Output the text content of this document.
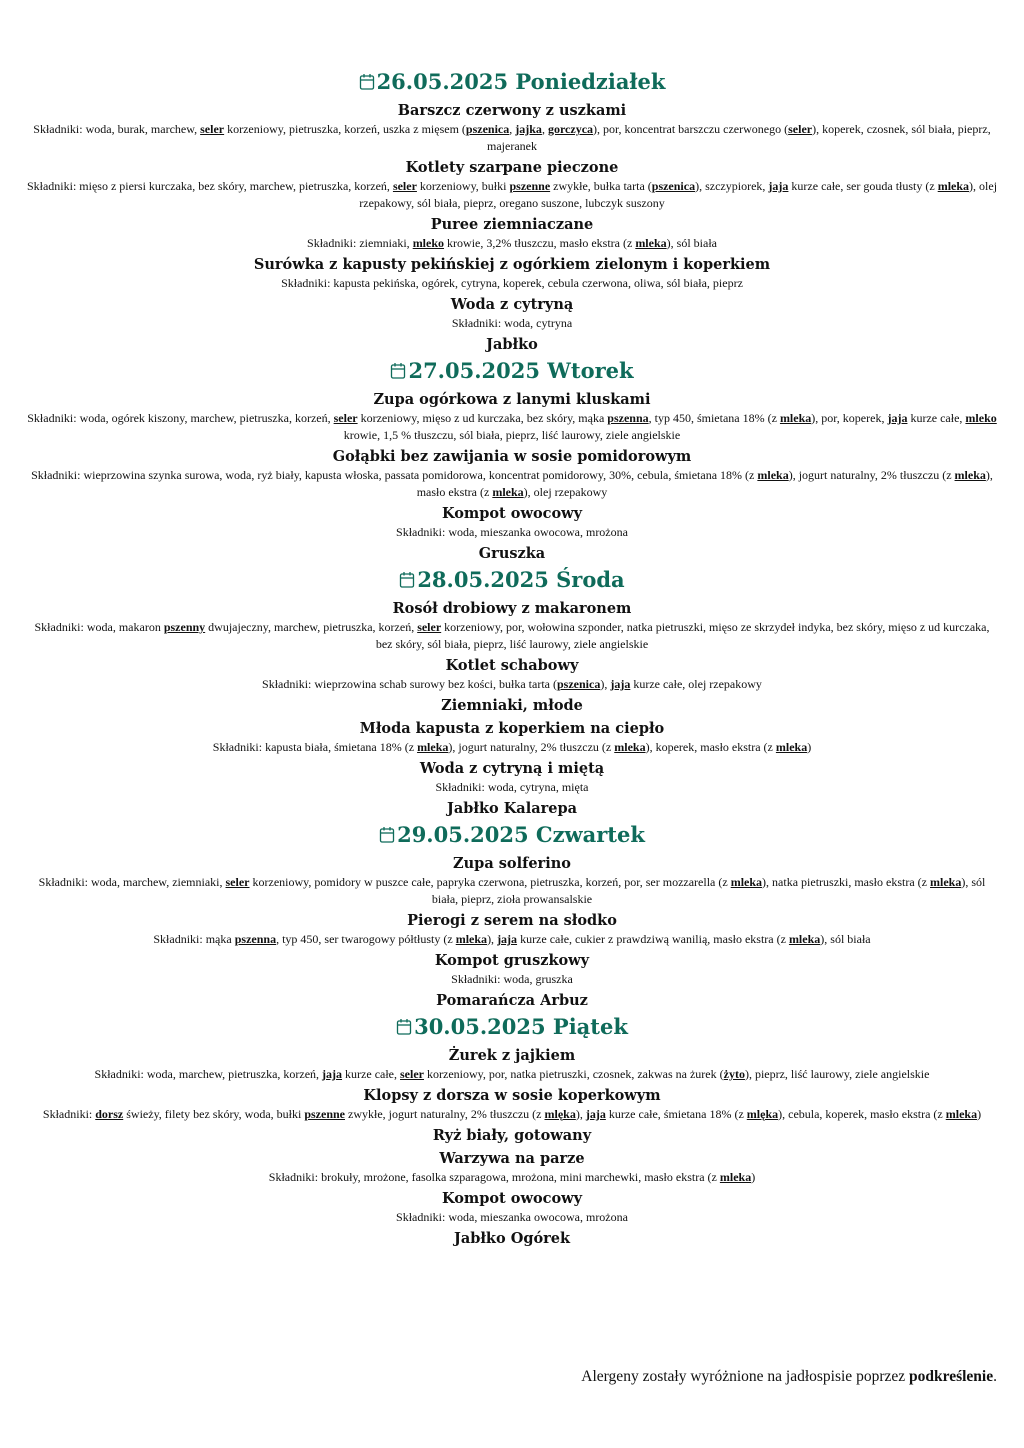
26.05.2025 Poniedziałek
Barszcz czerwony z uszkami
Składniki: woda, burak, marchew, seler korzeniowy, pietruszka, korzeń, uszka z mięsem (pszenica, jajka, gorczyca), por, koncentrat barszczu czerwonego (seler), koperek, czosnek, sól biała, pieprz, majeranek
Kotlety szarpane pieczone
Składniki: mięso z piersi kurczaka, bez skóry, marchew, pietruszka, korzeń, seler korzeniowy, bułki pszenne zwykłe, bułka tarta (pszenica), szczypiorek, jaja kurze całe, ser gouda tłusty (z mleka), olej rzepakowy, sól biała, pieprz, oregano suszone, lubczyk suszony
Puree ziemniaczane
Składniki: ziemniaki, mleko krowie, 3,2% tłuszczu, masło ekstra (z mleka), sól biała
Surówka z kapusty pekińskiej z ogórkiem zielonym i koperkiem
Składniki: kapusta pekińska, ogórek, cytryna, koperek, cebula czerwona, oliwa, sól biała, pieprz
Woda z cytryną
Składniki: woda, cytryna
Jabłko
27.05.2025 Wtorek
Zupa ogórkowa z lanymi kluskami
Składniki: woda, ogórek kiszony, marchew, pietruszka, korzeń, seler korzeniowy, mięso z ud kurczaka, bez skóry, mąka pszenna, typ 450, śmietana 18% (z mleka), por, koperek, jaja kurze całe, mleko krowie, 1,5 % tłuszczu, sól biała, pieprz, liść laurowy, ziele angielskie
Gołąbki bez zawijania w sosie pomidorowym
Składniki: wieprzowina szynka surowa, woda, ryż biały, kapusta włoska, passata pomidorowa, koncentrat pomidorowy, 30%, cebula, śmietana 18% (z mleka), jogurt naturalny, 2% tłuszczu (z mleka), masło ekstra (z mleka), olej rzepakowy
Kompot owocowy
Składniki: woda, mieszanka owocowa, mrożona
Gruszka
28.05.2025 Środa
Rosół drobiowy z makaronem
Składniki: woda, makaron pszenny dwujajeczny, marchew, pietruszka, korzeń, seler korzeniowy, por, wołowina szponder, natka pietruszki, mięso ze skrzydeł indyka, bez skóry, mięso z ud kurczaka, bez skóry, sól biała, pieprz, liść laurowy, ziele angielskie
Kotlet schabowy
Składniki: wieprzowina schab surowy bez kości, bułka tarta (pszenica), jaja kurze całe, olej rzepakowy
Ziemniaki, młode
Młoda kapusta z koperkiem na ciepło
Składniki: kapusta biała, śmietana 18% (z mleka), jogurt naturalny, 2% tłuszczu (z mleka), koperek, masło ekstra (z mleka)
Woda z cytryną i miętą
Składniki: woda, cytryna, mięta
Jabłko Kalarepa
29.05.2025 Czwartek
Zupa solferino
Składniki: woda, marchew, ziemniaki, seler korzeniowy, pomidory w puszce całe, papryka czerwona, pietruszka, korzeń, por, ser mozzarella (z mleka), natka pietruszki, masło ekstra (z mleka), sól biała, pieprz, zioła prowansalskie
Pierogi z serem na słodko
Składniki: mąka pszenna, typ 450, ser twarogowy półtłusty (z mleka), jaja kurze całe, cukier z prawdziwą wanilią, masło ekstra (z mleka), sól biała
Kompot gruszkowy
Składniki: woda, gruszka
Pomarańcza Arbuz
30.05.2025 Piątek
Żurek z jajkiem
Składniki: woda, marchew, pietruszka, korzeń, jaja kurze całe, seler korzeniowy, por, natka pietruszki, czosnek, zakwas na żurek (żyto), pieprz, liść laurowy, ziele angielskie
Klopsy z dorsza w sosie koperkowym
Składniki: dorsz świeży, filety bez skóry, woda, bułki pszenne zwykłe, jogurt naturalny, 2% tłuszczu (z mlęka), jaja kurze całe, śmietana 18% (z mlęka), cebula, koperek, masło ekstra (z mleka)
Ryż biały, gotowany
Warzywa na parze
Składniki: brokuły, mrożone, fasolka szparagowa, mrożona, mini marchewki, masło ekstra (z mleka)
Kompot owocowy
Składniki: woda, mieszanka owocowa, mrożona
Jabłko Ogórek
Alergeny zostały wyróżnione na jadłospisie poprzez podkreślenie.
